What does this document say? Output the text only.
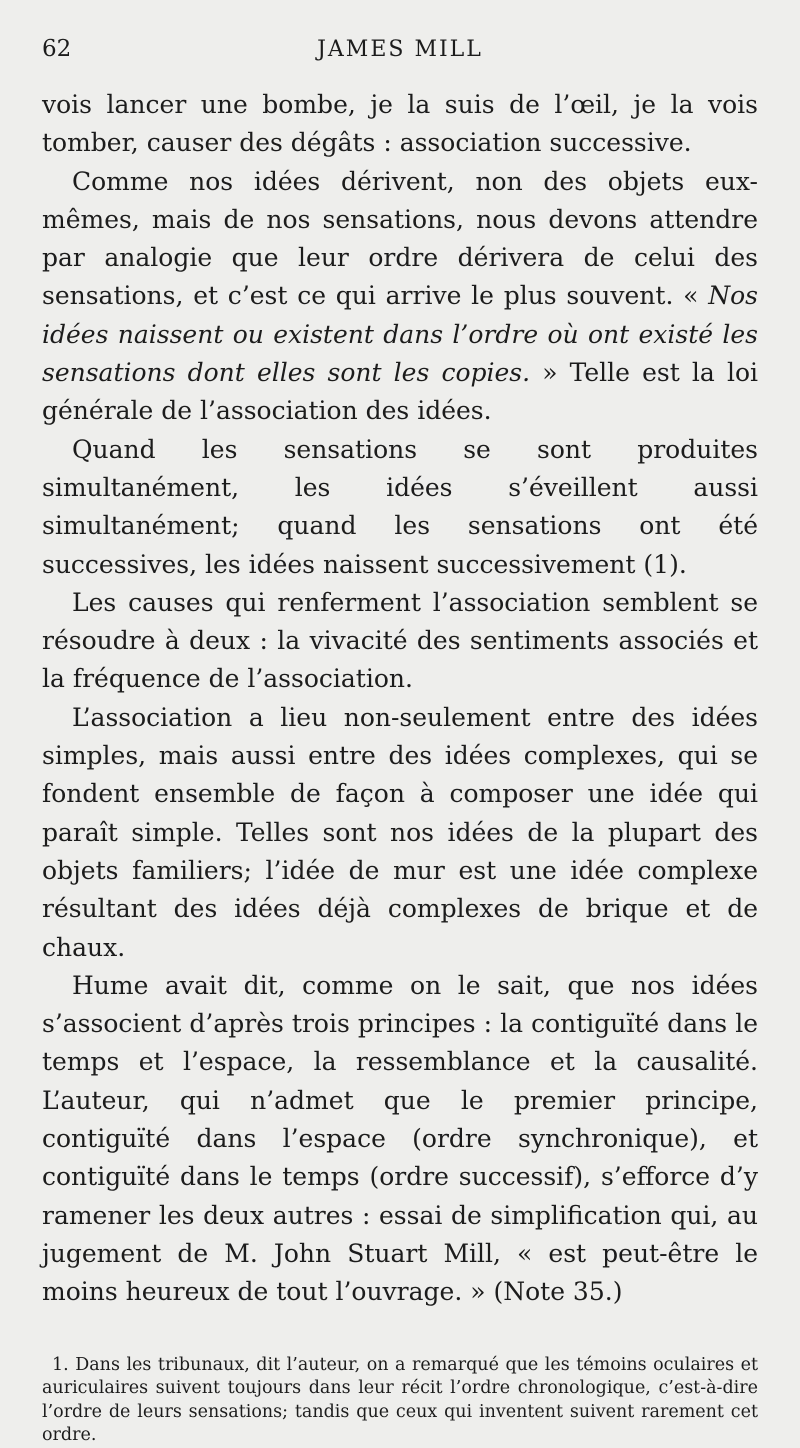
62	JAMES MILL

vois lancer une bombe, je la suis de l’œil, je la vois tomber, causer des dégâts : association successive.

Comme nos idées dérivent, non des objets eux-mêmes, mais de nos sensations, nous devons attendre par analogie que leur ordre dérivera de celui des sensations, et c’est ce qui arrive le plus souvent. « Nos idées naissent ou existent dans l’ordre où ont existé les sensations dont elles sont les copies. » Telle est la loi générale de l’association des idées.

Quand les sensations se sont produites simultanément, les idées s’éveillent aussi simultanément; quand les sensations ont été successives, les idées naissent successivement (1).

Les causes qui renferment l’association semblent se résoudre à deux : la vivacité des sentiments associés et la fréquence de l’association.

L’association a lieu non-seulement entre des idées simples, mais aussi entre des idées complexes, qui se fondent ensemble de façon à composer une idée qui paraît simple. Telles sont nos idées de la plupart des objets familiers; l’idée de mur est une idée complexe résultant des idées déjà complexes de brique et de chaux.

Hume avait dit, comme on le sait, que nos idées s’associent d’après trois principes : la contiguïté dans le temps et l’espace, la ressemblance et la causalité. L’auteur, qui n’admet que le premier principe, contiguïté dans l’espace (ordre synchronique), et contiguïté dans le temps (ordre successif), s’efforce d’y ramener les deux autres : essai de simplification qui, au jugement de M. John Stuart Mill, « est peut-être le moins heureux de tout l’ouvrage. » (Note 35.)

1. Dans les tribunaux, dit l’auteur, on a remarqué que les témoins oculaires et auriculaires suivent toujours dans leur récit l’ordre chronologique, c’est-à-dire l’ordre de leurs sensations; tandis que ceux qui inventent suivent rarement cet ordre.
